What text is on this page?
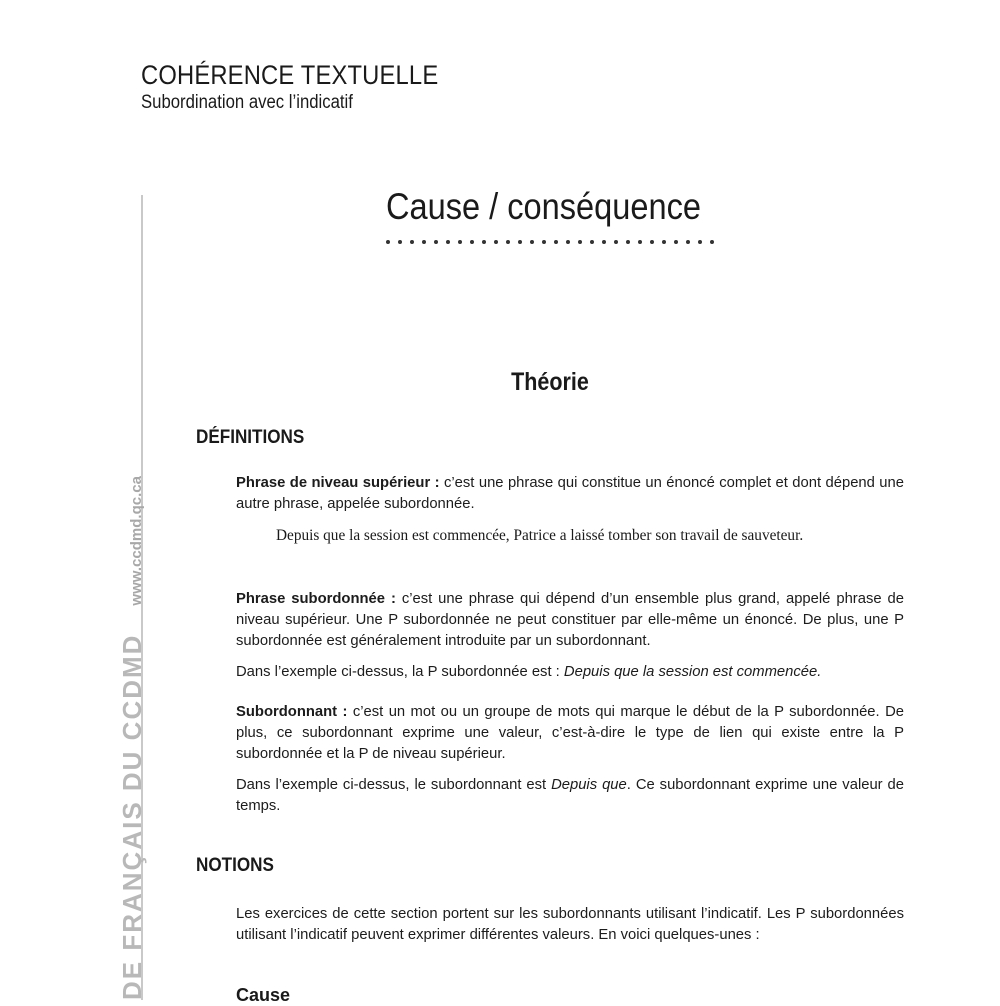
COHÉRENCE TEXTUELLE
Subordination avec l’indicatif
DE FRANÇAIS DU CCDMDwww.ccdmd.qc.ca
Cause / conséquence
Théorie
DÉFINITIONS
Phrase de niveau supérieur : c’est une phrase qui constitue un énoncé complet et dont dépend une autre phrase, appelée subordonnée.
Depuis que la session est commencée, Patrice a laissé tomber son travail de sauveteur.
Phrase subordonnée : c’est une phrase qui dépend d’un ensemble plus grand, appelé phrase de niveau supérieur. Une P subordonnée ne peut constituer par elle-même un énoncé. De plus, une P subordonnée est généralement introduite par un subordonnant.
Dans l’exemple ci-dessus, la P subordonnée est : Depuis que la session est commencée.
Subordonnant : c’est un mot ou un groupe de mots qui marque le début de la P subordonnée. De plus, ce subordonnant exprime une valeur, c’est-à-dire le type de lien qui existe entre la P subordonnée et la P de niveau supérieur.
Dans l’exemple ci-dessus, le subordonnant est Depuis que. Ce subordonnant exprime une valeur de temps.
NOTIONS
Les exercices de cette section portent sur les subordonnants utilisant l’indicatif. Les P subordonnées utilisant l’indicatif peuvent exprimer différentes valeurs. En voici quelques-unes :
Cause
